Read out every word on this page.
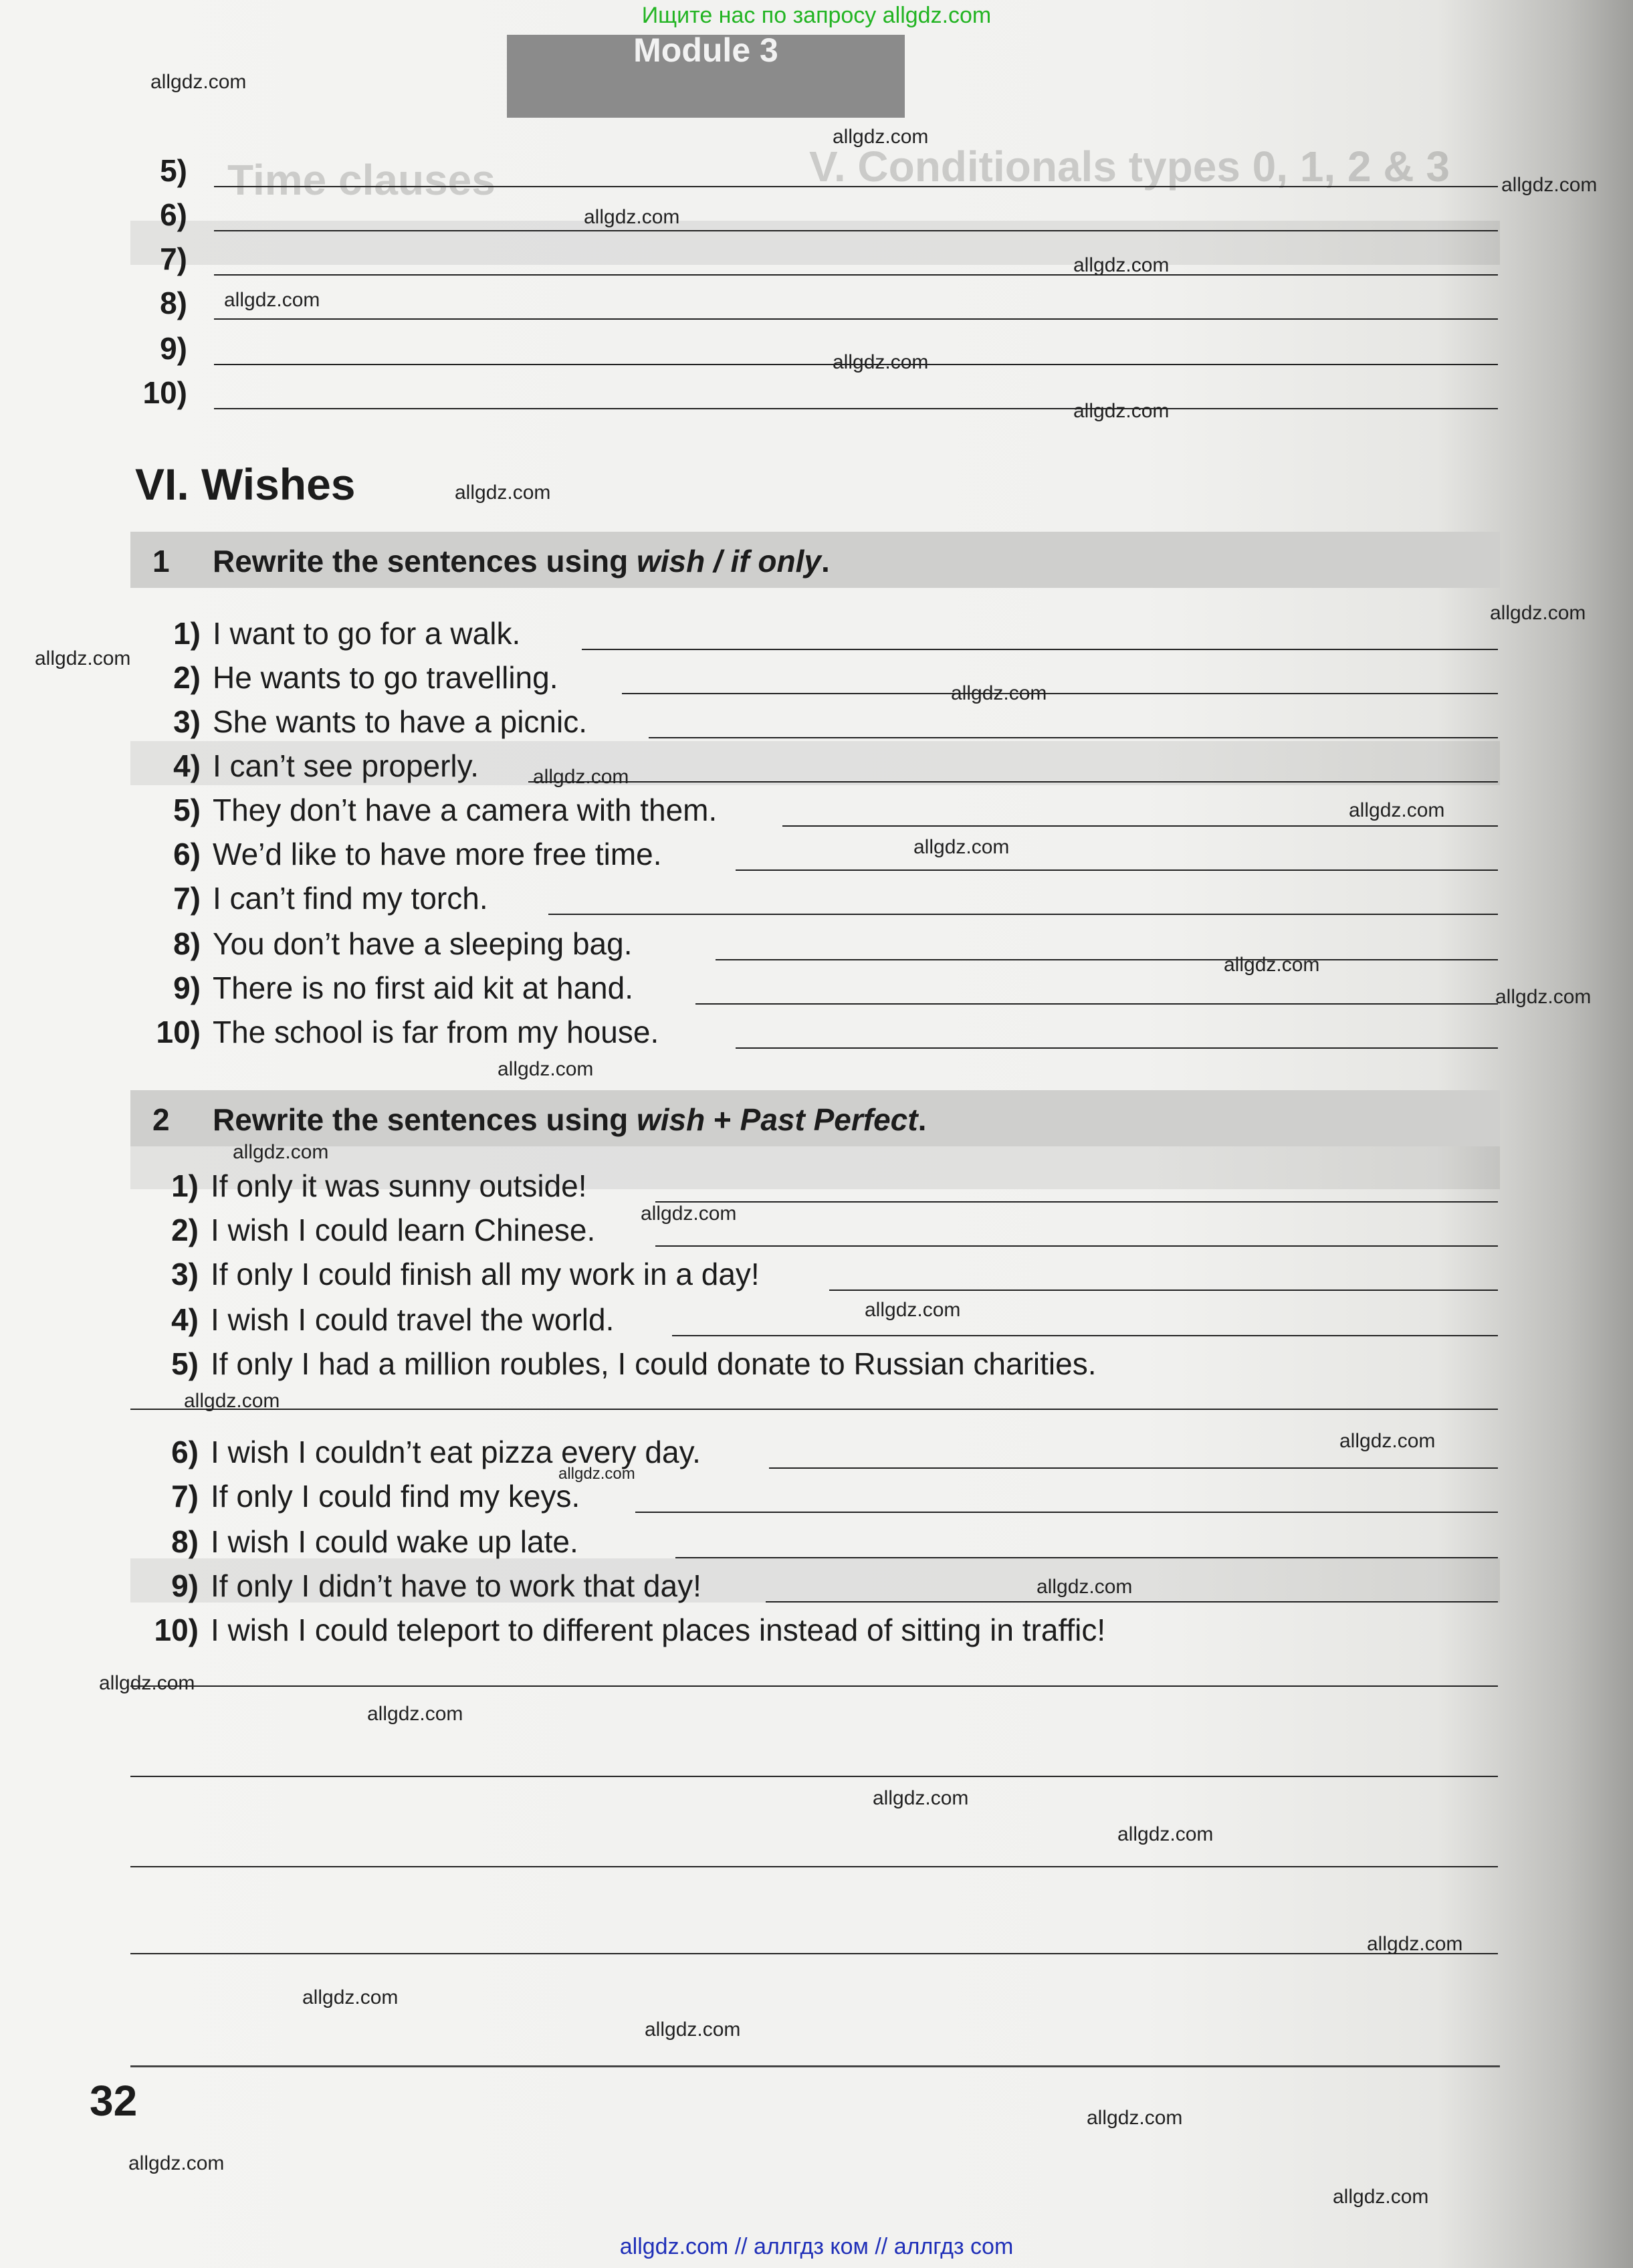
Ищите нас по запросу allgdz.com
Module 3
Time clauses	V. Conditionals types 0, 1, 2 & 3
5)
6)
7)
8)
9)
10)
VI. Wishes
1 Rewrite the sentences using wish / if only.
1) I want to go for a walk.
2) He wants to go travelling.
3) She wants to have a picnic.
4) I can’t see properly.
5) They don’t have a camera with them.
6) We’d like to have more free time.
7) I can’t find my torch.
8) You don’t have a sleeping bag.
9) There is no first aid kit at hand.
10) The school is far from my house.
2 Rewrite the sentences using wish + Past Perfect.
1) If only it was sunny outside!
2) I wish I could learn Chinese.
3) If only I could finish all my work in a day!
4) I wish I could travel the world.
5) If only I had a million roubles, I could donate to Russian charities.
6) I wish I couldn’t eat pizza every day.
7) If only I could find my keys.
8) I wish I could wake up late.
9) If only I didn’t have to work that day!
10) I wish I could teleport to different places instead of sitting in traffic!
32
allgdz.com
allgdz.com
allgdz.com
allgdz.com
allgdz.com
allgdz.com
allgdz.com
allgdz.com
allgdz.com
allgdz.com
allgdz.com
allgdz.com
allgdz.com
allgdz.com
allgdz.com
allgdz.com
allgdz.com
allgdz.com
allgdz.com
allgdz.com
allgdz.com
allgdz.com
allgdz.com
allgdz.com
allgdz.com
allgdz.com
allgdz.com
allgdz.com
allgdz.com
allgdz.com
allgdz.com
allgdz.com
allgdz.com
allgdz.com
allgdz.com
allgdz.com // аллгдз ком // аллгдз com
